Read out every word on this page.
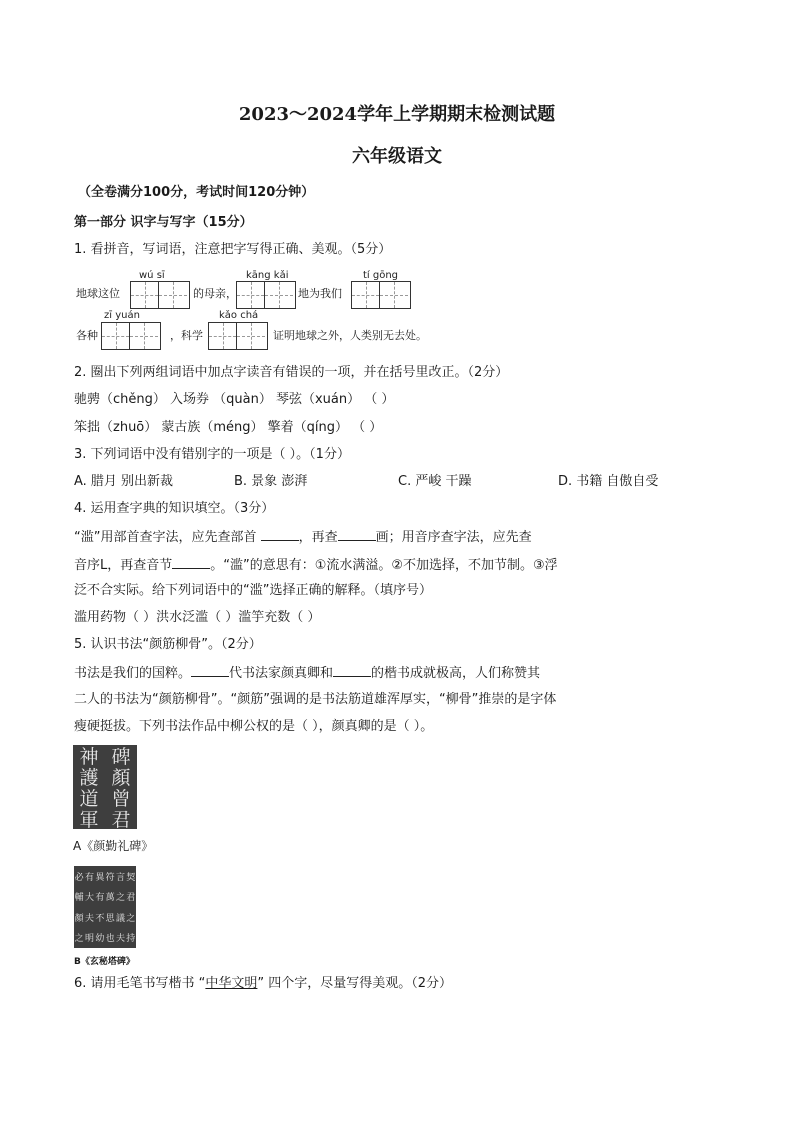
2023～2024学年上学期期末检测试题
六年级语文
（全卷满分100分，考试时间120分钟）
第一部分 识字与写字（15分）
1. 看拼音，写词语，注意把字写得正确、美观。（5分）
wú sī	kāng kǎi	tí gōng
地球这位	的母亲，	地为我们
zī yuán	kǎo chá
各种	，科学	证明地球之外，人类别无去处。
2. 圈出下列两组词语中加点字读音有错误的一项，并在括号里改正。（2分）
驰骋（chěng） 入场券 （quàn） 琴弦（xuán） （ ）
笨拙（zhuō） 蒙古族（méng） 擎着（qíng） （ ）
3. 下列词语中没有错别字的一项是（ ）。（1分）
A. 腊月 别出新裁	B. 景象 澎湃	C. 严峻 干躁	D. 书籍 自傲自受
4. 运用查字典的知识填空。（3分）
“滥”用部首查字法，应先查部首	，再查	画；用音序查字法，应先查
音序L，再查音节	。“滥”的意思有：①流水满溢。②不加选择，不加节制。③浮
泛不合实际。给下列词语中的“滥”选择正确的解释。（填序号）
滥用药物（ ）洪水泛滥（ ）滥竽充数（ ）
5. 认识书法“颜筋柳骨”。（2分）
书法是我们的国粹。	代书法家颜真卿和	的楷书成就极高，人们称赞其
二人的书法为“颜筋柳骨”。“颜筋”强调的是书法筋道雄浑厚实，“柳骨”推崇的是字体
瘦硬挺拔。下列书法作品中柳公权的是（ ），颜真卿的是（ ）。
神
護
道
軍
碑
顏
曾
君
A《颜勤礼碑》
必
輔
顏
之
有
大
夫
明
異
有
不
幼
符
萬
思
也
言
之
議
夫
契
君
之
持
B《玄秘塔碑》
6. 请用毛笔书写楷书 “中华文明” 四个字，尽量写得美观。（2分）
